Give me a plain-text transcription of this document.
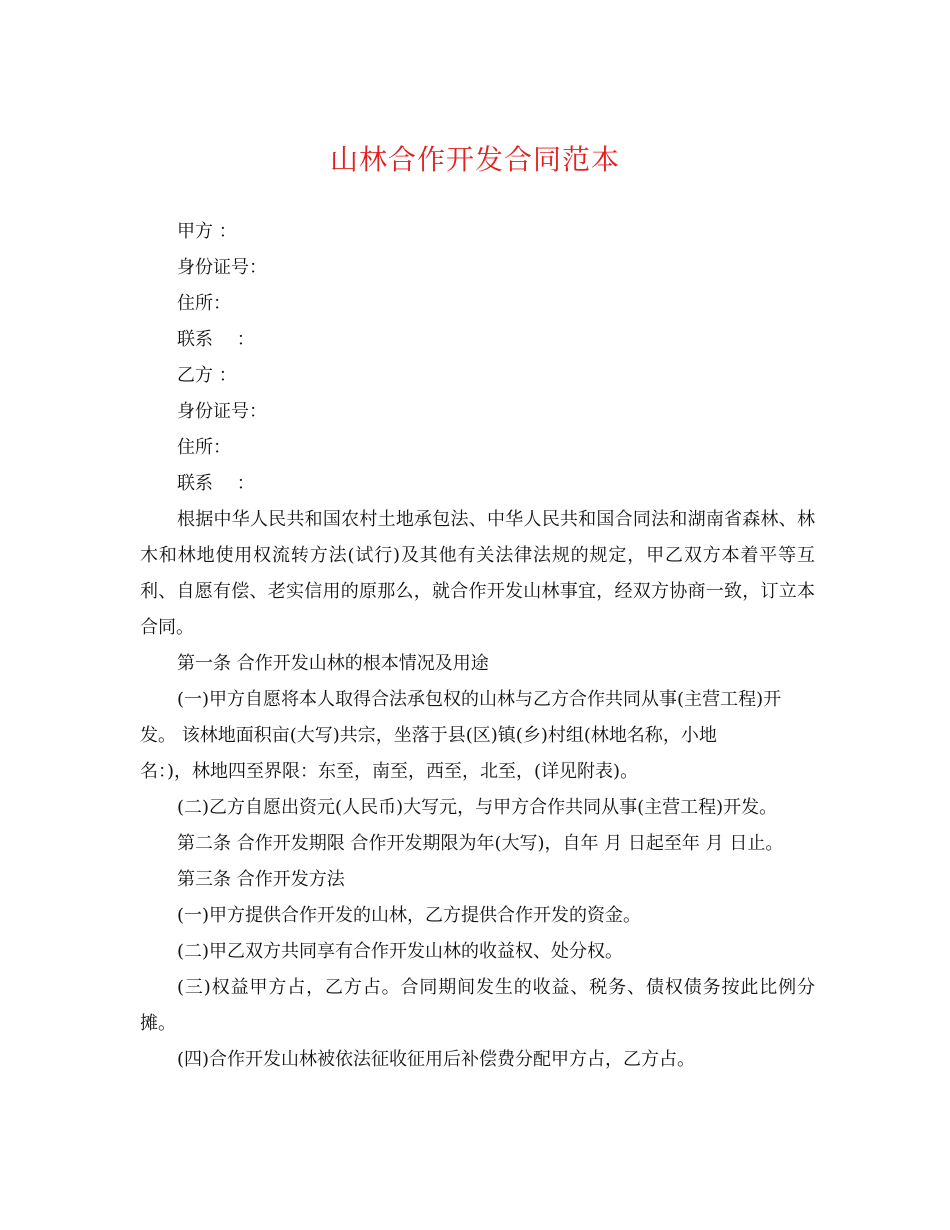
山林合作开发合同范本

甲方 ：

身份证号：

住所：

联系　 ：

乙方 ：

身份证号：

住所：

联系　 ：

根据中华人民共和国农村土地承包法、中华人民共和国合同法和湖南省森林、林木和林地使用权流转方法(试行)及其他有关法律法规的规定，甲乙双方本着平等互利、自愿有偿、老实信用的原那么，就合作开发山林事宜，经双方协商一致，订立本合同。

第一条 合作开发山林的根本情况及用途

(一)甲方自愿将本人取得合法承包权的山林与乙方合作共同从事(主营工程)开

发。 该林地面积亩(大写)共宗，坐落于县(区)镇(乡)村组(林地名称，小地

名：)，林地四至界限：东至，南至，西至，北至，(详见附表)。

(二)乙方自愿出资元(人民币)大写元，与甲方合作共同从事(主营工程)开发。

第二条 合作开发期限 合作开发期限为年(大写)，自年 月 日起至年 月 日止。

第三条 合作开发方法

(一)甲方提供合作开发的山林，乙方提供合作开发的资金。

(二)甲乙双方共同享有合作开发山林的收益权、处分权。

(三)权益甲方占，乙方占。合同期间发生的收益、税务、债权债务按此比例分摊。

(四)合作开发山林被依法征收征用后补偿费分配甲方占，乙方占。
